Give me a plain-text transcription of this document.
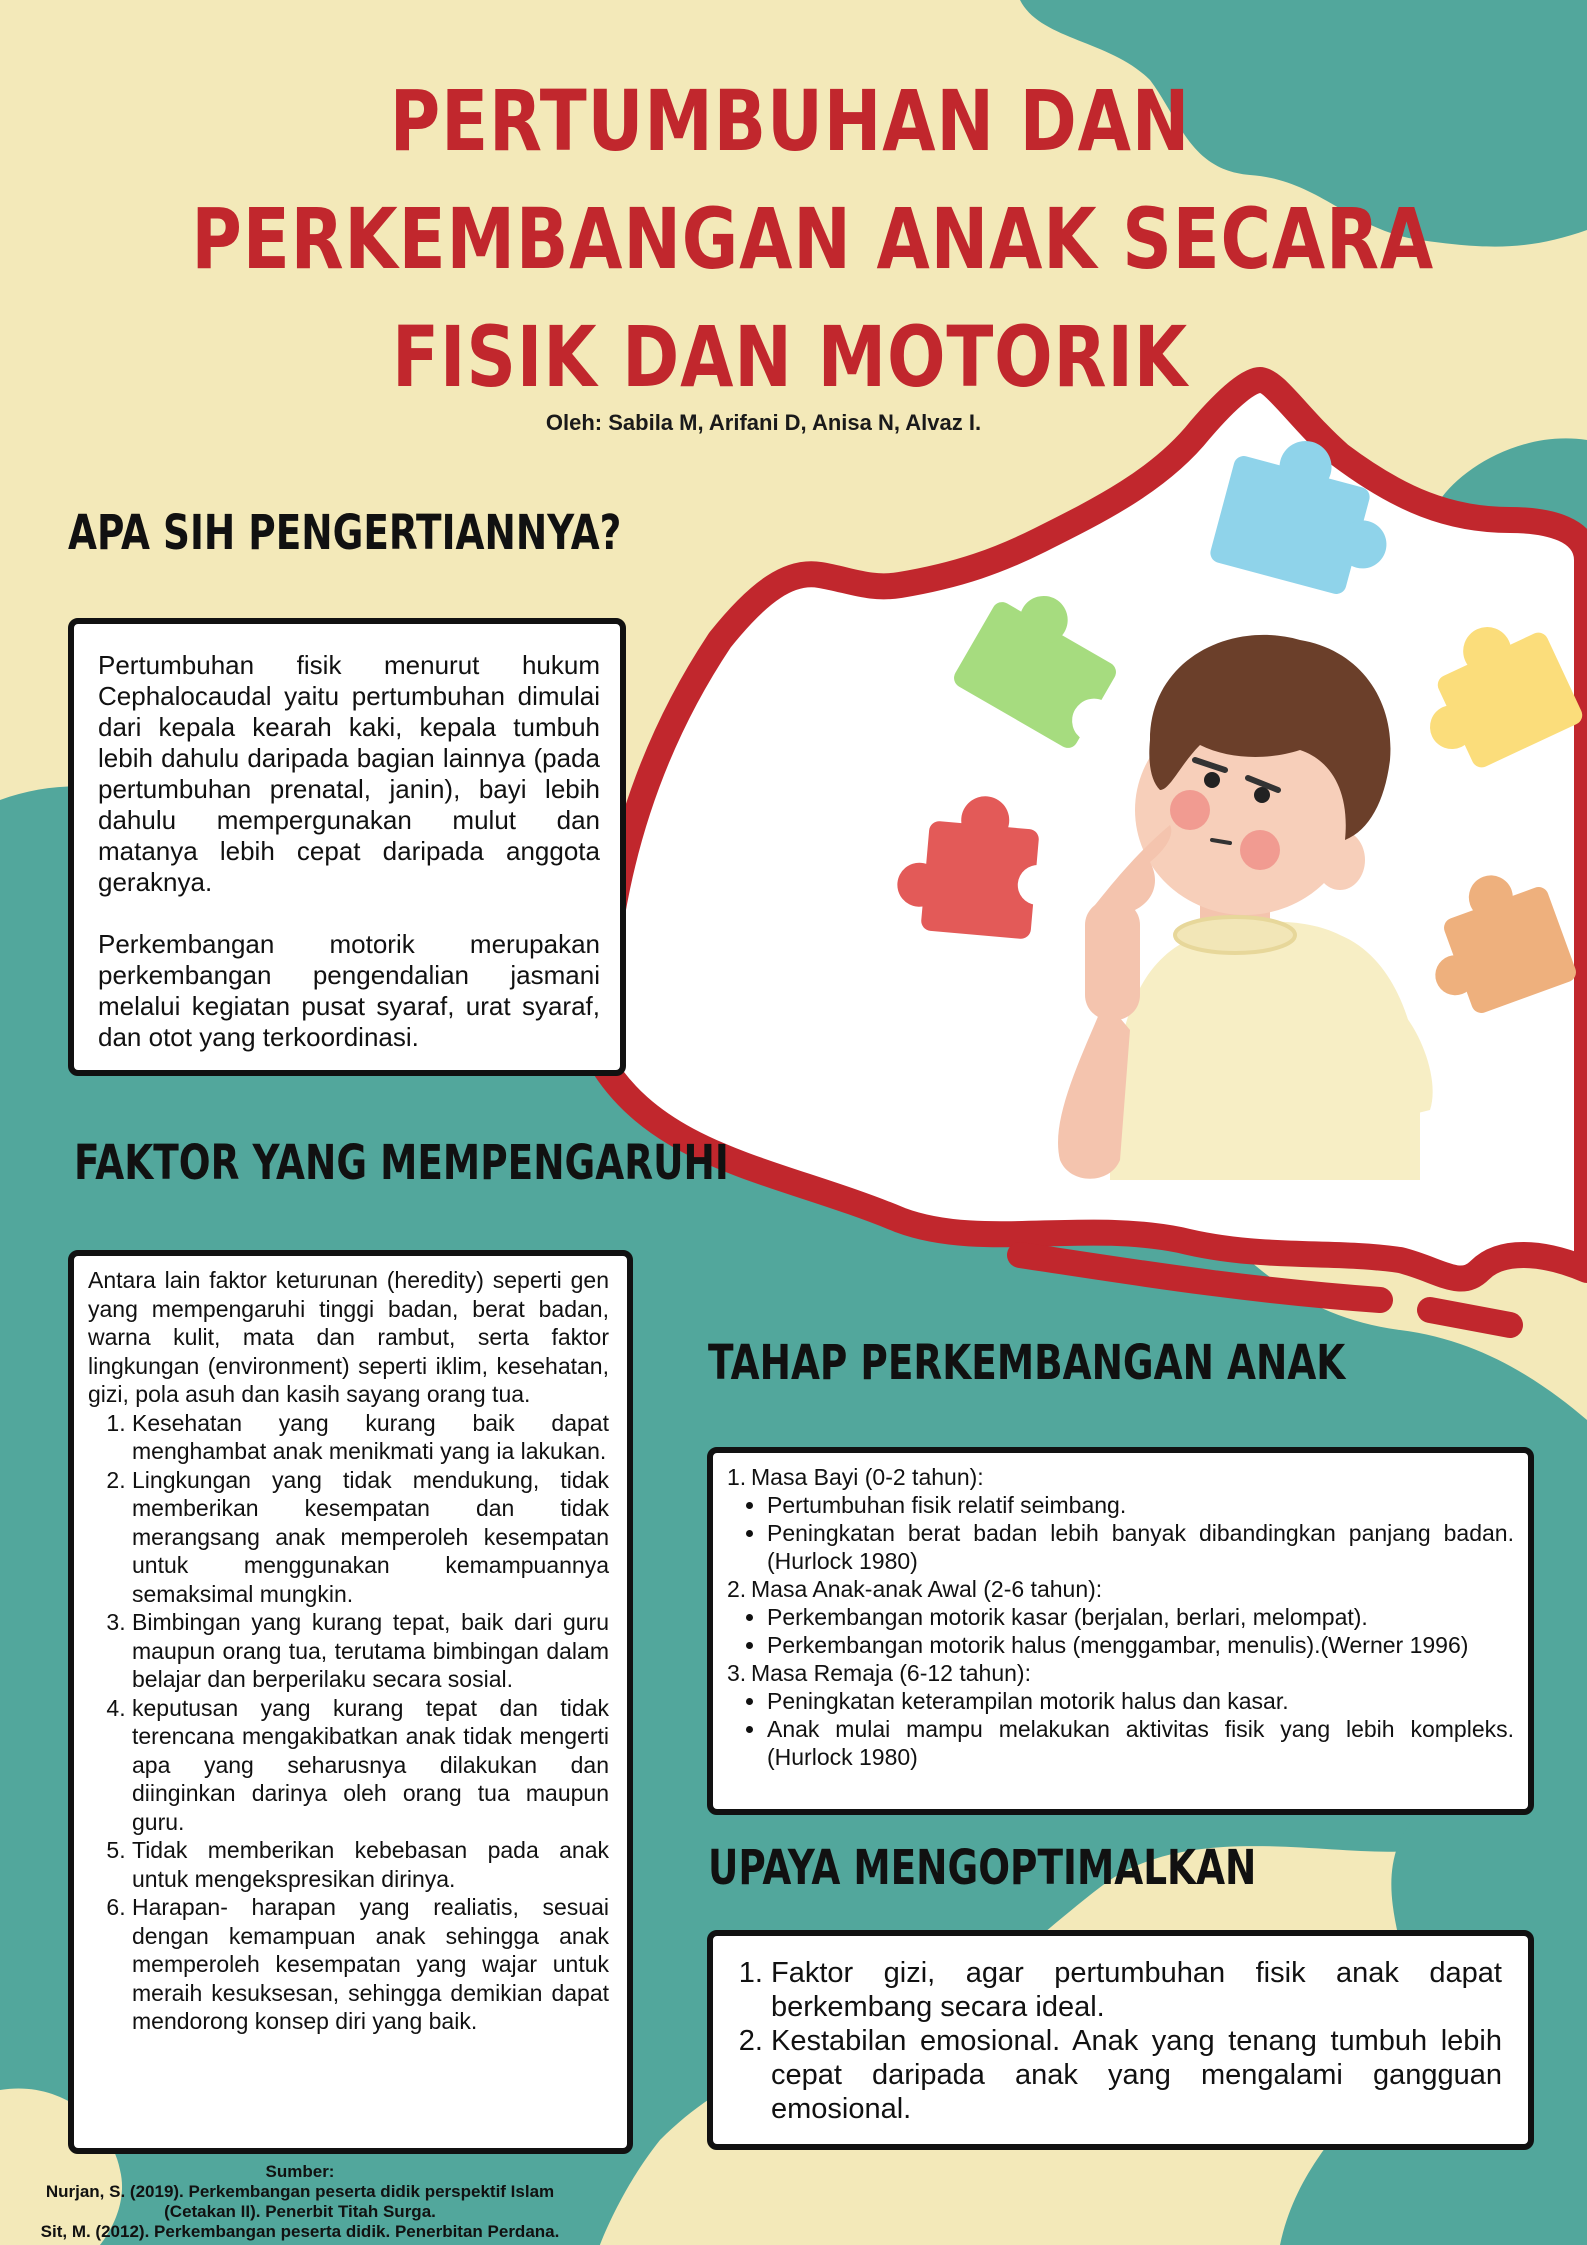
PERTUMBUHAN DAN
PERKEMBANGAN ANAK SECARA
FISIK DAN MOTORIK
Oleh: Sabila M, Arifani D, Anisa N, Alvaz I.
APA SIH PENGERTIANNYA?

Pertumbuhan fisik menurut hukum Cephalocaudal yaitu pertumbuhan dimulai dari kepala kearah kaki, kepala tumbuh lebih dahulu daripada bagian lainnya (pada pertumbuhan prenatal, janin), bayi lebih dahulu mempergunakan mulut dan matanya lebih cepat daripada anggota geraknya.

Perkembangan motorik merupakan perkembangan pengendalian jasmani melalui kegiatan pusat syaraf, urat syaraf, dan otot yang terkoordinasi.

FAKTOR YANG MEMPENGARUHI

Antara lain faktor keturunan (heredity) seperti gen yang mempengaruhi tinggi badan, berat badan, warna kulit, mata dan rambut, serta faktor lingkungan (environment) seperti iklim, kesehatan, gizi, pola asuh dan kasih sayang orang tua.

1. Kesehatan yang kurang baik dapat menghambat anak menikmati yang ia lakukan.
2. Lingkungan yang tidak mendukung, tidak memberikan kesempatan dan tidak merangsang anak memperoleh kesempatan untuk menggunakan kemampuannya semaksimal mungkin.
3. Bimbingan yang kurang tepat, baik dari guru maupun orang tua, terutama bimbingan dalam belajar dan berperilaku secara sosial.
4. keputusan yang kurang tepat dan tidak terencana mengakibatkan anak tidak mengerti apa yang seharusnya dilakukan dan diinginkan darinya oleh orang tua maupun guru.
5. Tidak memberikan kebebasan pada anak untuk mengekspresikan dirinya.
6. Harapan- harapan yang realiatis, sesuai dengan kemampuan anak sehingga anak memperoleh kesempatan yang wajar untuk meraih kesuksesan, sehingga demikian dapat mendorong konsep diri yang baik.
TAHAP PERKEMBANGAN ANAK
1. Masa Bayi (0-2 tahun):
• Pertumbuhan fisik relatif seimbang.
• Peningkatan berat badan lebih banyak dibandingkan panjang badan. (Hurlock 1980)
2. Masa Anak-anak Awal (2-6 tahun):
• Perkembangan motorik kasar (berjalan, berlari, melompat).
• Perkembangan motorik halus (menggambar, menulis).(Werner 1996)
3. Masa Remaja (6-12 tahun):
• Peningkatan keterampilan motorik halus dan kasar.
• Anak mulai mampu melakukan aktivitas fisik yang lebih kompleks. (Hurlock 1980)
UPAYA MENGOPTIMALKAN
1. Faktor gizi, agar pertumbuhan fisik anak dapat berkembang secara ideal.
2. Kestabilan emosional. Anak yang tenang tumbuh lebih cepat daripada anak yang mengalami gangguan emosional.
Sumber:
Nurjan, S. (2019). Perkembangan peserta didik perspektif Islam
(Cetakan II). Penerbit Titah Surga.
Sit, M. (2012). Perkembangan peserta didik. Penerbitan Perdana.
